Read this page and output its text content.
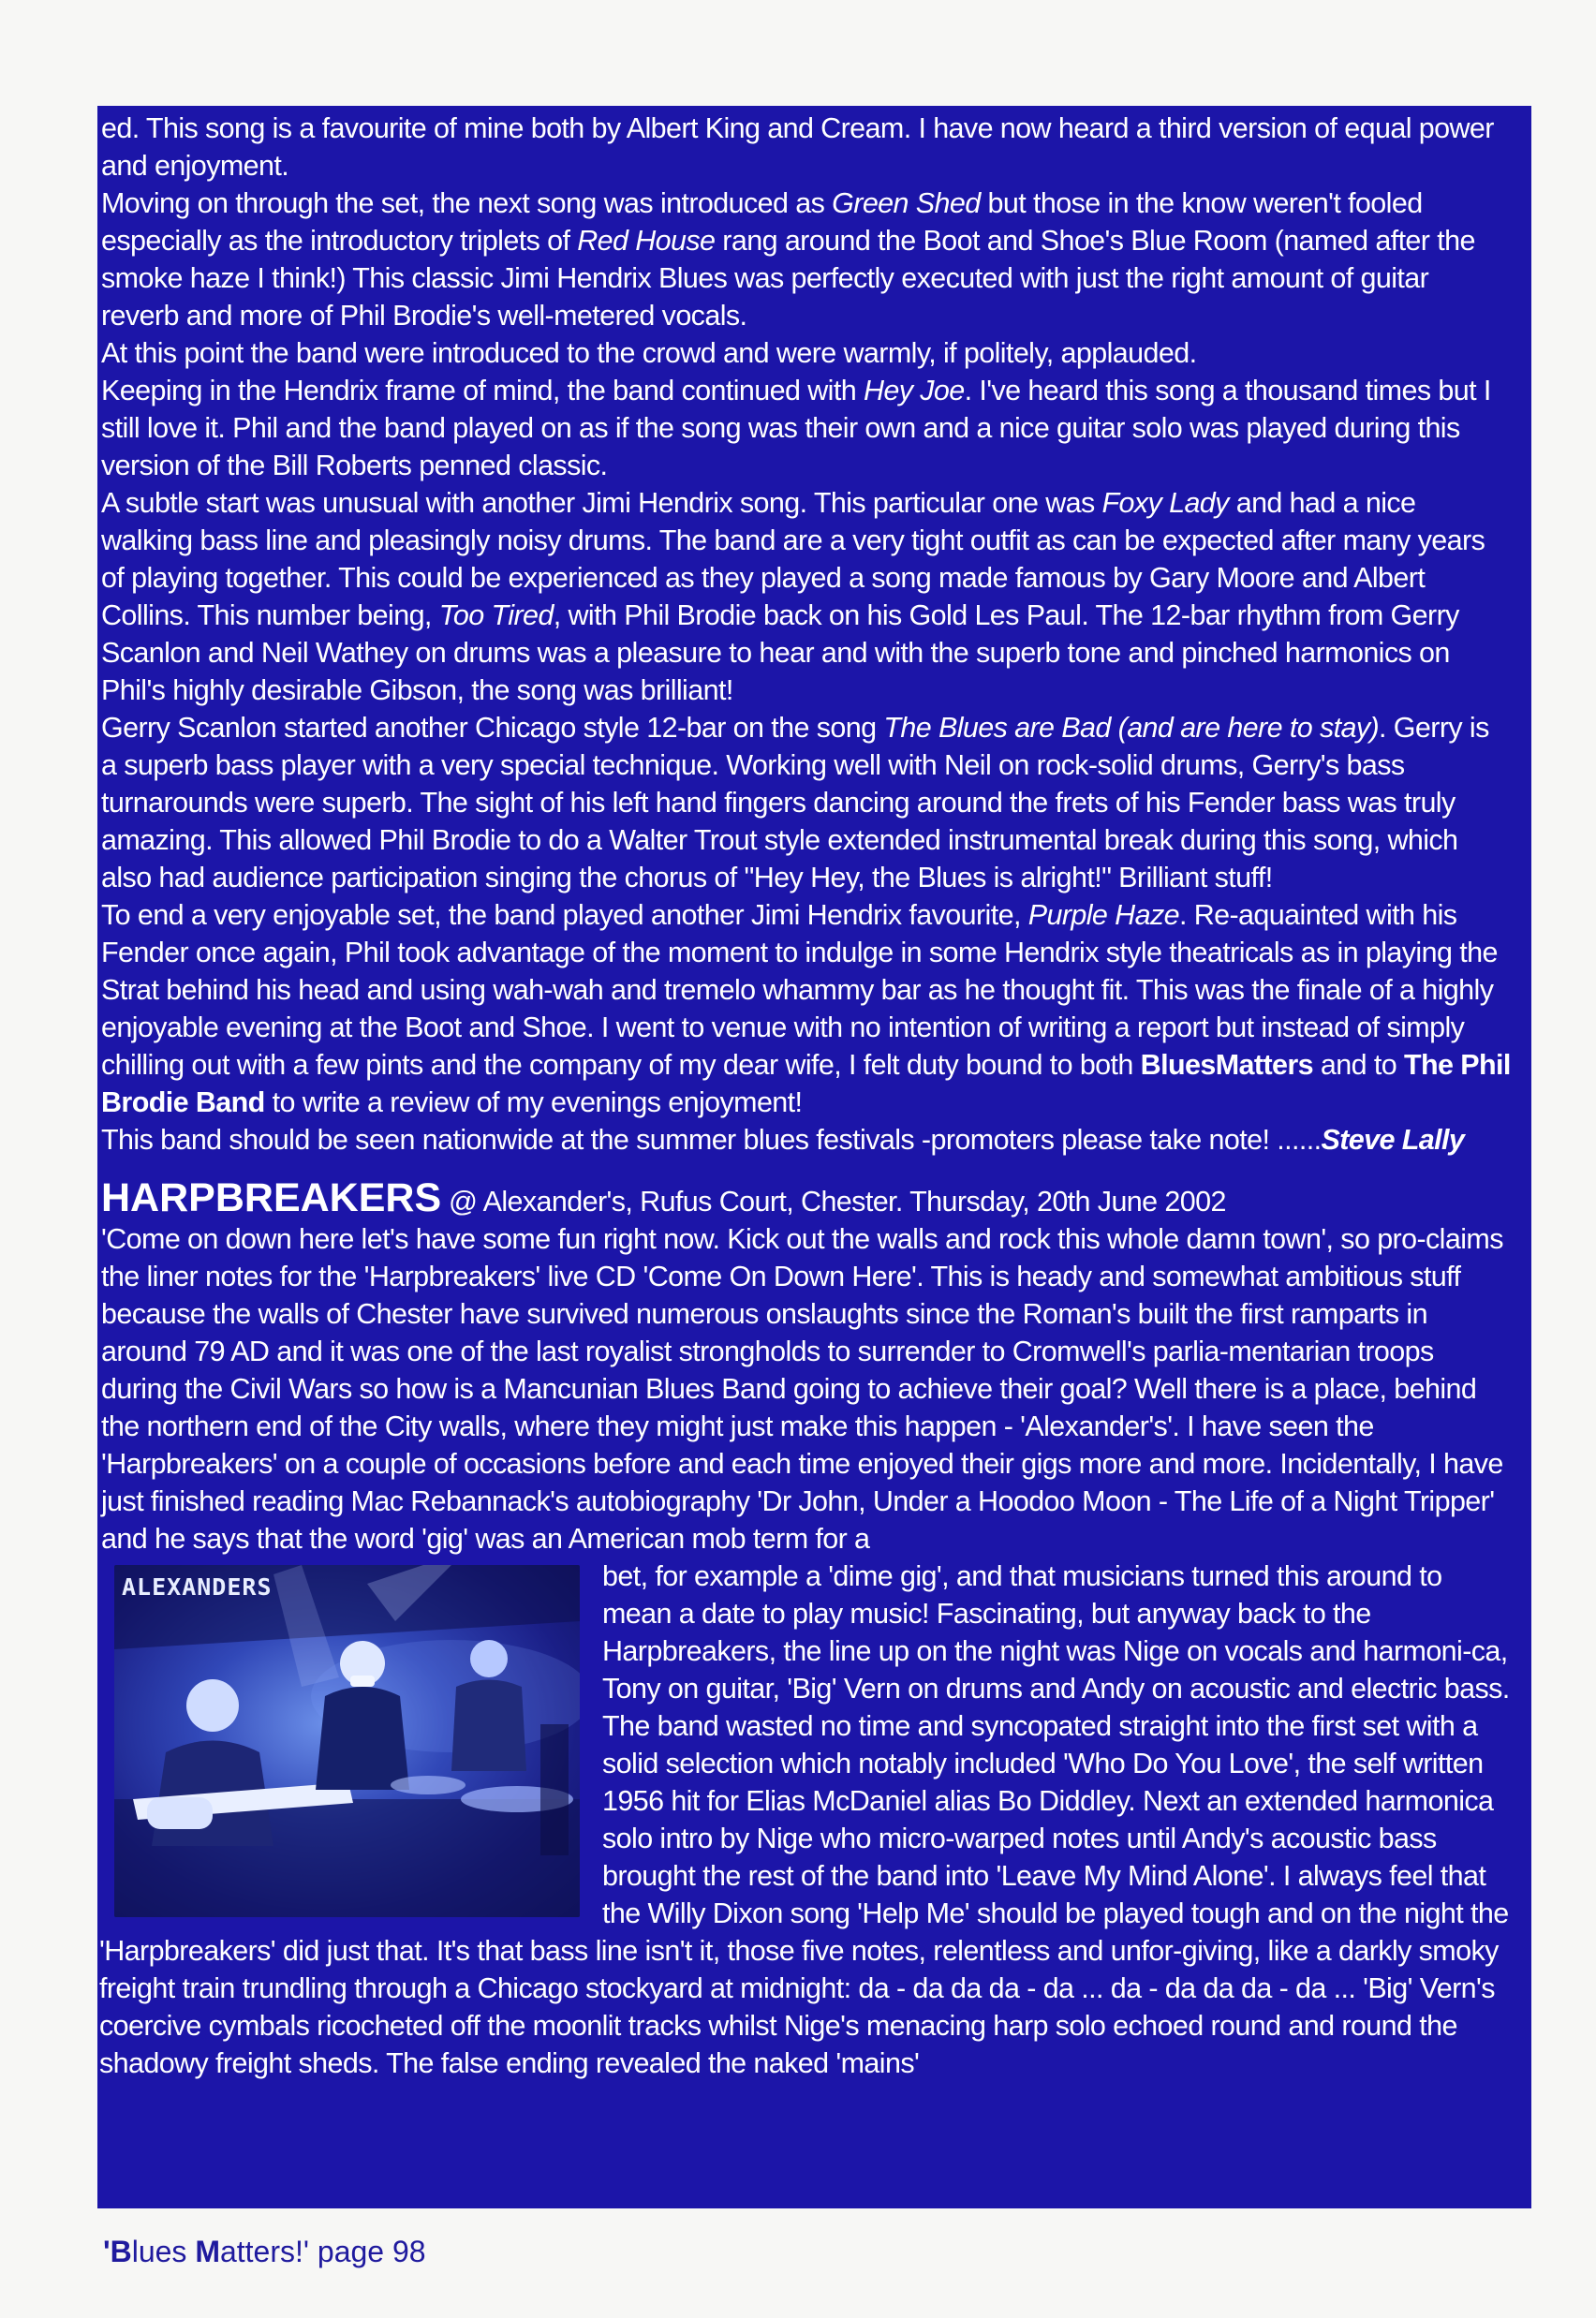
ed. This song is a favourite of mine both by Albert King and Cream. I have now heard a third version of equal power and enjoyment.

Moving on through the set, the next song was introduced as Green Shed but those in the know weren't fooled especially as the introductory triplets of Red House rang around the Boot and Shoe's Blue Room (named after the smoke haze I think!) This classic Jimi Hendrix Blues was perfectly executed with just the right amount of guitar reverb and more of Phil Brodie's well-metered vocals.

At this point the band were introduced to the crowd and were warmly, if politely, applauded.

Keeping in the Hendrix frame of mind, the band continued with Hey Joe. I've heard this song a thousand times but I still love it. Phil and the band played on as if the song was their own and a nice guitar solo was played during this version of the Bill Roberts penned classic.

A subtle start was unusual with another Jimi Hendrix song. This particular one was Foxy Lady and had a nice walking bass line and pleasingly noisy drums. The band are a very tight outfit as can be expected after many years of playing together. This could be experienced as they played a song made famous by Gary Moore and Albert Collins. This number being, Too Tired, with Phil Brodie back on his Gold Les Paul. The 12-bar rhythm from Gerry Scanlon and Neil Wathey on drums was a pleasure to hear and with the superb tone and pinched harmonics on Phil's highly desirable Gibson, the song was brilliant!

Gerry Scanlon started another Chicago style 12-bar on the song The Blues are Bad (and are here to stay). Gerry is a superb bass player with a very special technique. Working well with Neil on rock-solid drums, Gerry's bass turnarounds were superb. The sight of his left hand fingers dancing around the frets of his Fender bass was truly amazing. This allowed Phil Brodie to do a Walter Trout style extended instrumental break during this song, which also had audience participation singing the chorus of "Hey Hey, the Blues is alright!" Brilliant stuff!

To end a very enjoyable set, the band played another Jimi Hendrix favourite, Purple Haze. Re-aquainted with his Fender once again, Phil took advantage of the moment to indulge in some Hendrix style theatricals as in playing the Strat behind his head and using wah-wah and tremelo whammy bar as he thought fit. This was the finale of a highly enjoyable evening at the Boot and Shoe. I went to venue with no intention of writing a report but instead of simply chilling out with a few pints and the company of my dear wife, I felt duty bound to both BluesMatters and to The Phil Brodie Band to write a review of my evenings enjoyment!

This band should be seen nationwide at the summer blues festivals -promoters please take note! ......Steve Lally

HARPBREAKERS @ Alexander's, Rufus Court, Chester. Thursday, 20th June 2002

'Come on down here let's have some fun right now. Kick out the walls and rock this whole damn town', so pro-claims the liner notes for the 'Harpbreakers' live CD 'Come On Down Here'. This is heady and somewhat ambitious stuff because the walls of Chester have survived numerous onslaughts since the Roman's built the first ramparts in around 79 AD and it was one of the last royalist strongholds to surrender to Cromwell's parlia-mentarian troops during the Civil Wars so how is a Mancunian Blues Band going to achieve their goal? Well there is a place, behind the northern end of the City walls, where they might just make this happen - 'Alexander's'. I have seen the 'Harpbreakers' on a couple of occasions before and each time enjoyed their gigs more and more. Incidentally, I have just finished reading Mac Rebannack's autobiography 'Dr John, Under a Hoodoo Moon - The Life of a Night Tripper' and he says that the word 'gig' was an American mob term for a

ALEXANDERS	bet, for example a 'dime gig', and that musicians turned this around to mean a date to play music! Fascinating, but anyway back to the Harpbreakers, the line up on the night was Nige on vocals and harmoni-ca, Tony on guitar, 'Big' Vern on drums and Andy on acoustic and electric bass. The band wasted no time and syncopated straight into the first set with a solid selection which notably included 'Who Do You Love', the self written 1956 hit for Elias McDaniel alias Bo Diddley. Next an extended harmonica solo intro by Nige who micro-warped notes until Andy's acoustic bass brought the rest of the band into 'Leave My Mind Alone'. I always feel that the Willy Dixon song 'Help Me' should be played tough and on the night the 'Harpbreakers' did just that. It's that bass line isn't it, those five notes, relentless and unfor-giving, like a darkly smoky freight train trundling through a Chicago stockyard at midnight: da - da da da - da ... da - da da da - da ... 'Big' Vern's coercive cymbals ricocheted off the moonlit tracks whilst Nige's menacing harp solo echoed round and round the shadowy freight sheds. The false ending revealed the naked 'mains'

'Blues Matters!' page 98
